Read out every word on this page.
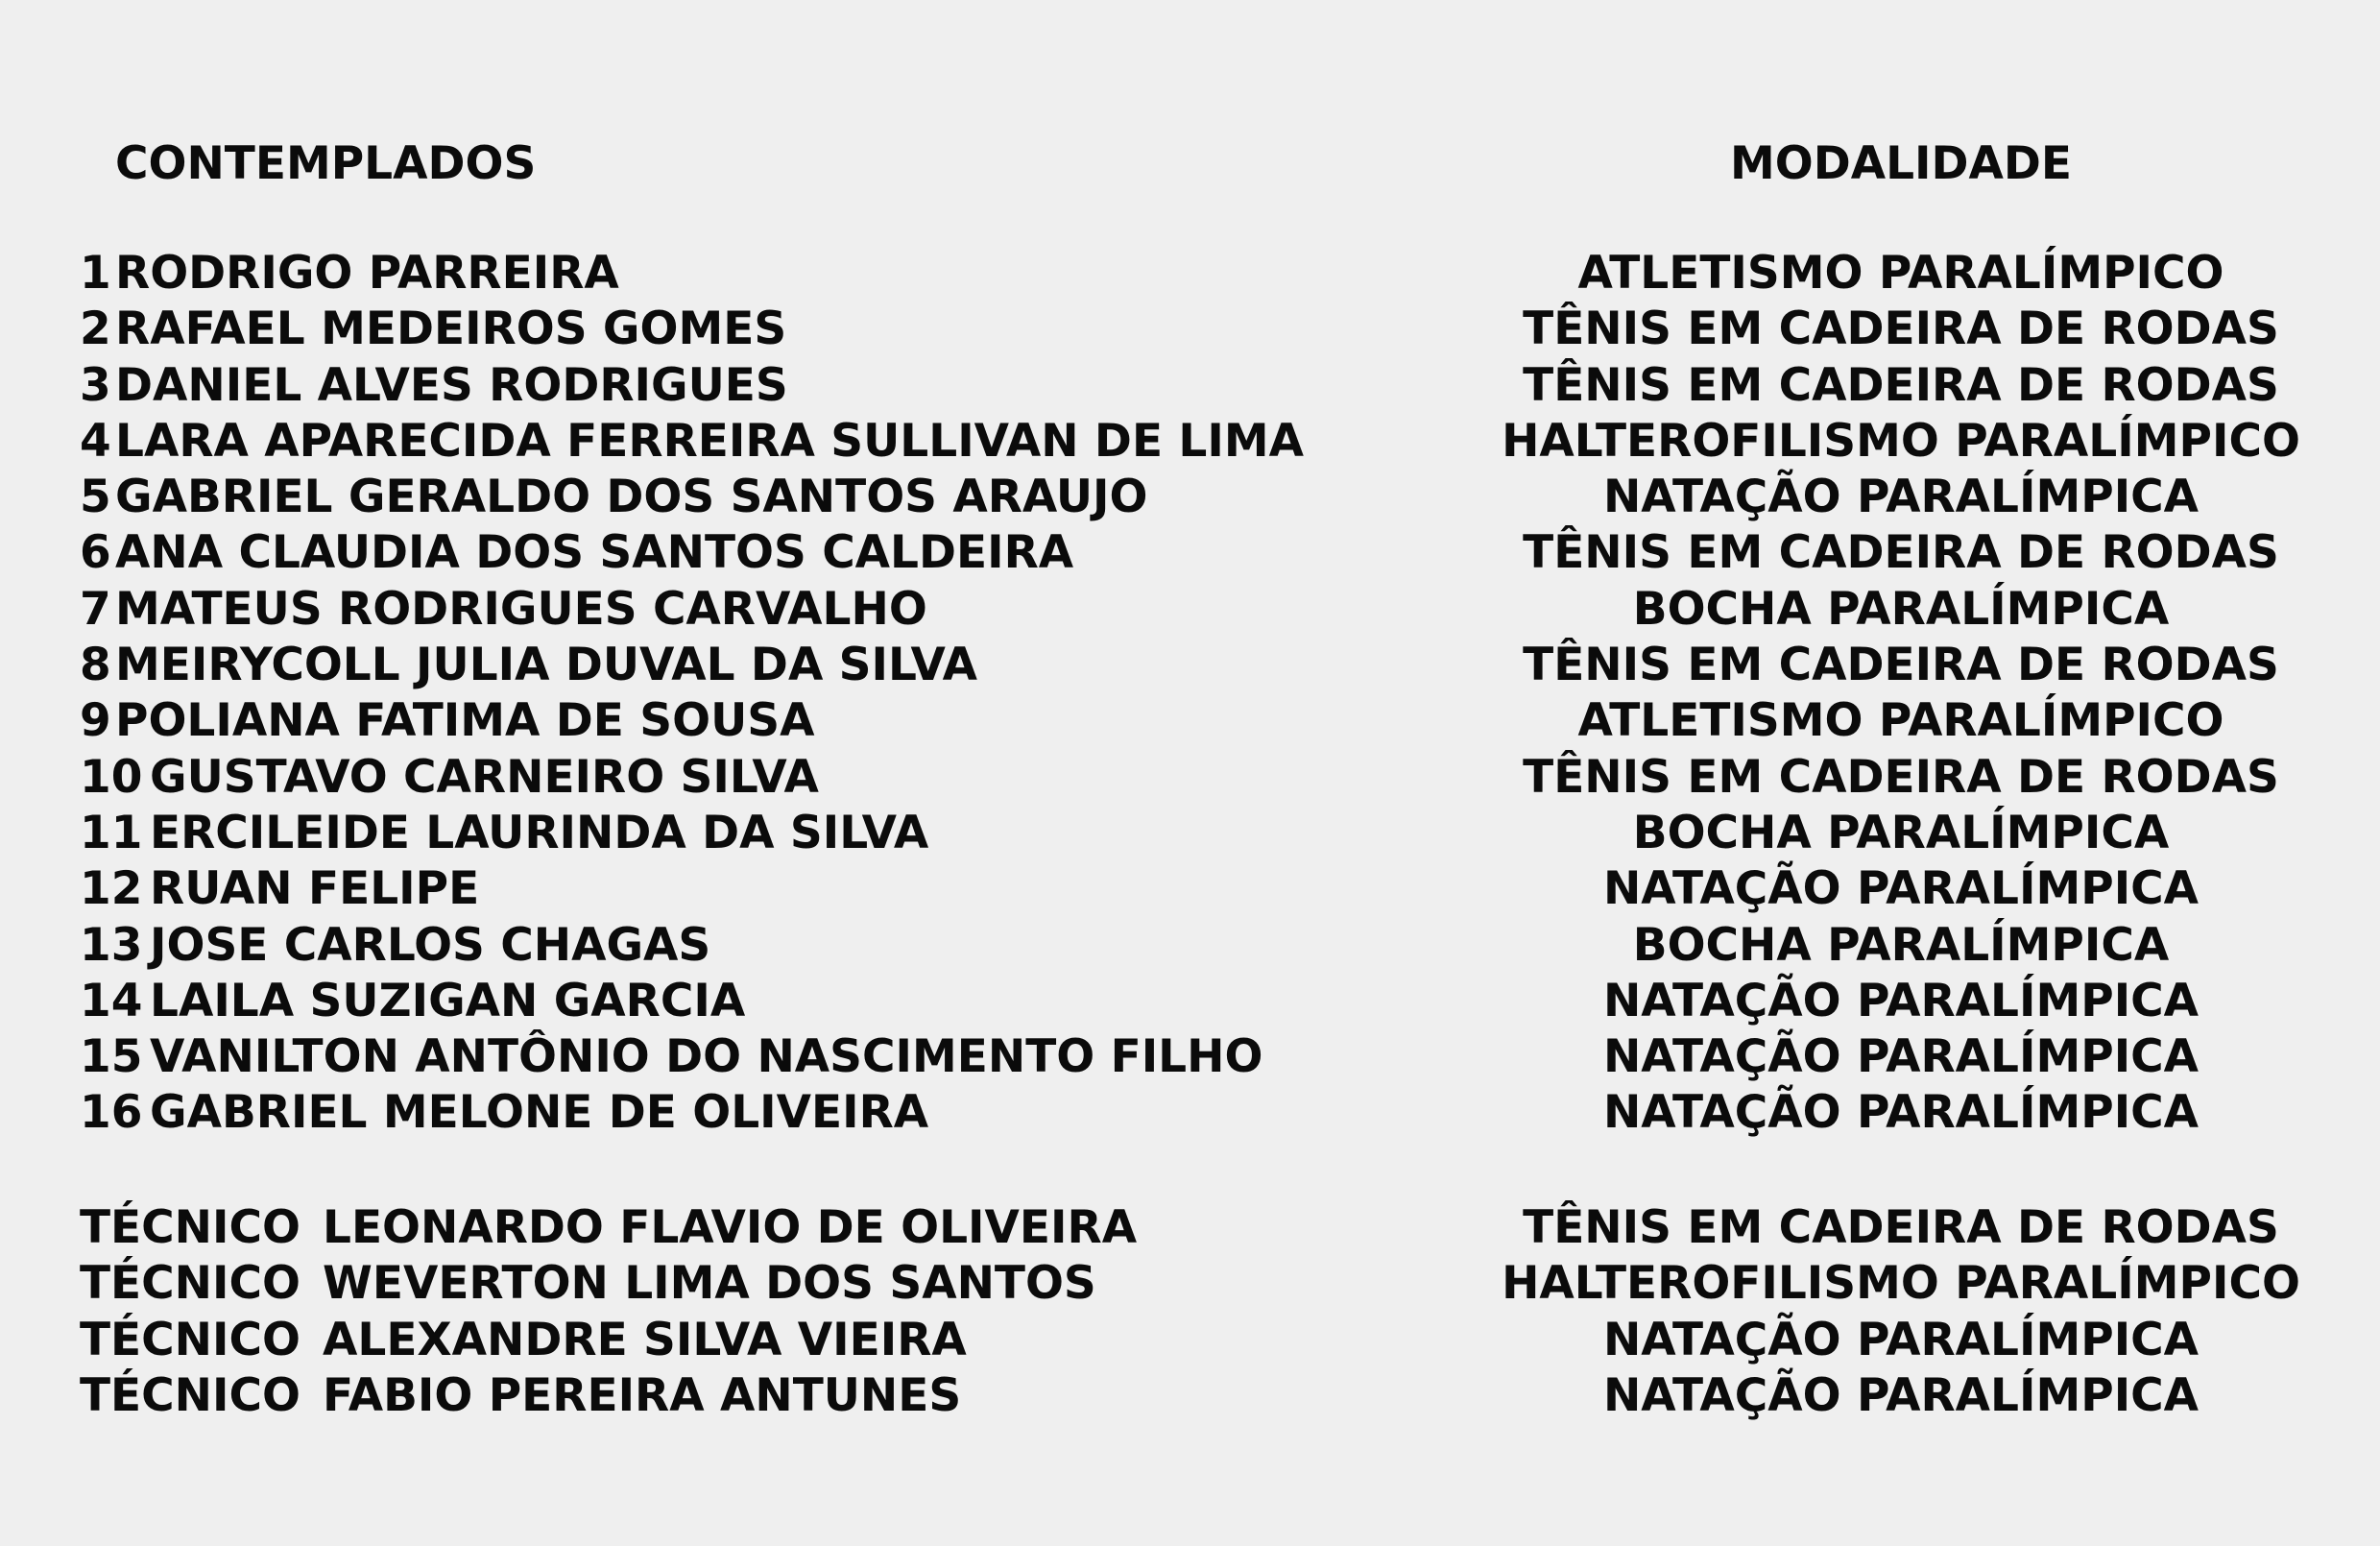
CONTEMPLADOS	MODALIDADE
1 RODRIGO PARREIRA	ATLETISMO PARALÍMPICO
2 RAFAEL MEDEIROS GOMES	TÊNIS EM CADEIRA DE RODAS
3 DANIEL ALVES RODRIGUES	TÊNIS EM CADEIRA DE RODAS
4 LARA APARECIDA FERREIRA SULLIVAN DE LIMA	HALTEROFILISMO PARALÍMPICO
5 GABRIEL GERALDO DOS SANTOS ARAUJO	NATAÇÃO PARALÍMPICA
6 ANA CLAUDIA DOS SANTOS CALDEIRA	TÊNIS EM CADEIRA DE RODAS
7 MATEUS RODRIGUES CARVALHO	BOCHA PARALÍMPICA
8 MEIRYCOLL JULIA DUVAL DA SILVA	TÊNIS EM CADEIRA DE RODAS
9 POLIANA FATIMA DE SOUSA	ATLETISMO PARALÍMPICO
10 GUSTAVO CARNEIRO SILVA	TÊNIS EM CADEIRA DE RODAS
11 ERCILEIDE LAURINDA DA SILVA	BOCHA PARALÍMPICA
12 RUAN FELIPE	NATAÇÃO PARALÍMPICA
13 JOSE CARLOS CHAGAS	BOCHA PARALÍMPICA
14 LAILA SUZIGAN GARCIA	NATAÇÃO PARALÍMPICA
15 VANILTON ANTÔNIO DO NASCIMENTO FILHO	NATAÇÃO PARALÍMPICA
16 GABRIEL MELONE DE OLIVEIRA	NATAÇÃO PARALÍMPICA
TÉCNICO LEONARDO FLAVIO DE OLIVEIRA	TÊNIS EM CADEIRA DE RODAS
TÉCNICO WEVERTON LIMA DOS SANTOS	HALTEROFILISMO PARALÍMPICO
TÉCNICO ALEXANDRE SILVA VIEIRA	NATAÇÃO PARALÍMPICA
TÉCNICO FABIO PEREIRA ANTUNES	NATAÇÃO PARALÍMPICA
